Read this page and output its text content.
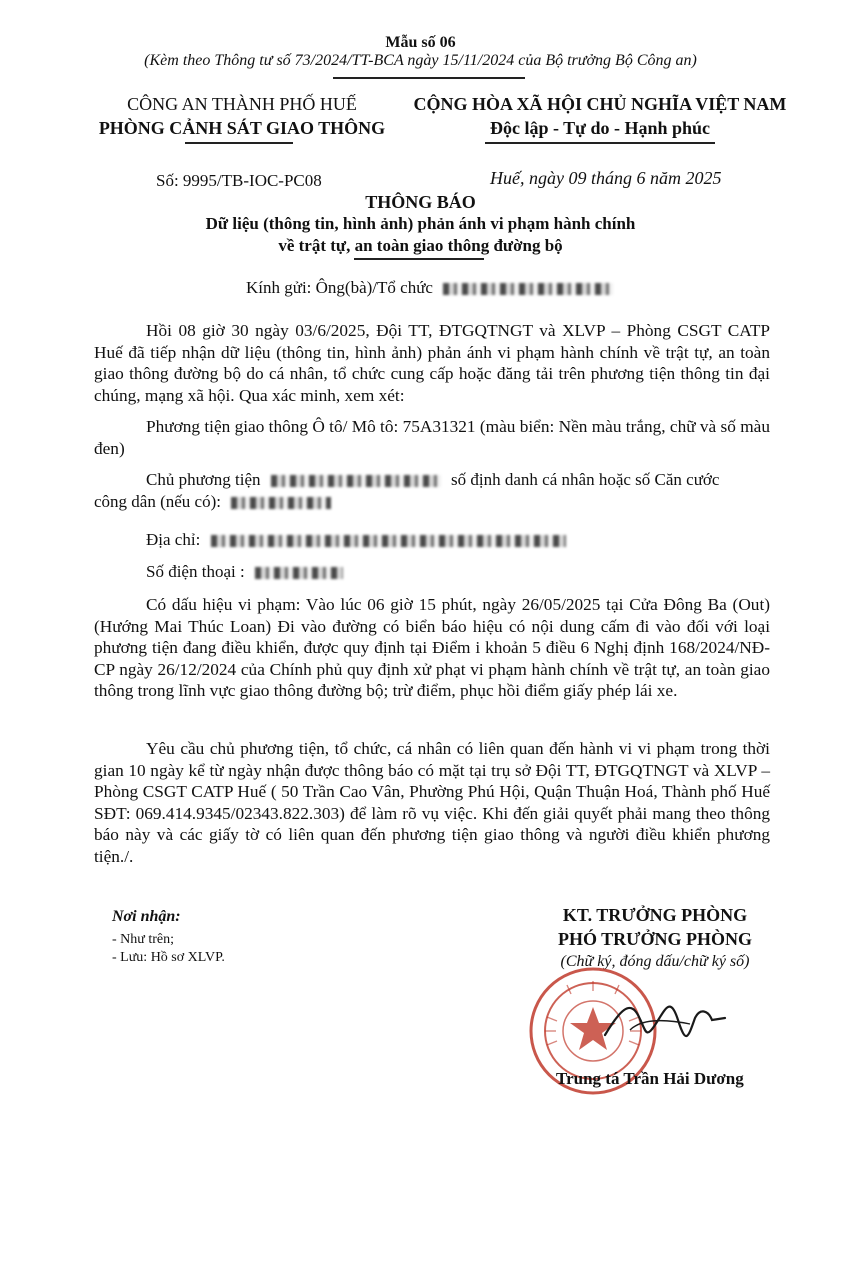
Mẫu số 06
(Kèm theo Thông tư số 73/2024/TT-BCA ngày 15/11/2024 của Bộ trưởng Bộ Công an)
CÔNG AN THÀNH PHỐ HUẾ
PHÒNG CẢNH SÁT GIAO THÔNG
CỘNG HÒA XÃ HỘI CHỦ NGHĨA VIỆT NAM
Độc lập - Tự do - Hạnh phúc
Số: 9995/TB-IOC-PC08	Huế, ngày 09 tháng 6 năm 2025
THÔNG BÁO
Dữ liệu (thông tin, hình ảnh) phản ánh vi phạm hành chính
về trật tự, an toàn giao thông đường bộ
Kính gửi: Ông(bà)/Tổ chức
Hồi 08 giờ 30 ngày 03/6/2025, Đội TT, ĐTGQTNGT và XLVP – Phòng CSGT CATP Huế đã tiếp nhận dữ liệu (thông tin, hình ảnh) phản ánh vi phạm hành chính về trật tự, an toàn giao thông đường bộ do cá nhân, tổ chức cung cấp hoặc đăng tải trên phương tiện thông tin đại chúng, mạng xã hội. Qua xác minh, xem xét:
Phương tiện giao thông Ô tô/ Mô tô: 75A31321 (màu biển: Nền màu trắng, chữ và số màu đen)
Chủ phương tiện	số định danh cá nhân hoặc số Căn cước
công dân (nếu có):
Địa chỉ:
Số điện thoại :
Có dấu hiệu vi phạm: Vào lúc 06 giờ 15 phút, ngày 26/05/2025 tại Cửa Đông Ba (Out) (Hướng Mai Thúc Loan) Đi vào đường có biển báo hiệu có nội dung cấm đi vào đối với loại phương tiện đang điều khiển, được quy định tại Điểm i khoản 5 điều 6 Nghị định 168/2024/NĐ-CP ngày 26/12/2024 của Chính phủ quy định xử phạt vi phạm hành chính về trật tự, an toàn giao thông trong lĩnh vực giao thông đường bộ; trừ điểm, phục hồi điểm giấy phép lái xe.
Yêu cầu chủ phương tiện, tổ chức, cá nhân có liên quan đến hành vi vi phạm trong thời gian 10 ngày kể từ ngày nhận được thông báo có mặt tại trụ sở Đội TT, ĐTGQTNGT và XLVP – Phòng CSGT CATP Huế ( 50 Trần Cao Vân, Phường Phú Hội, Quận Thuận Hoá, Thành phố Huế SĐT: 069.414.9345/02343.822.303) để làm rõ vụ việc. Khi đến giải quyết phải mang theo thông báo này và các giấy tờ có liên quan đến phương tiện giao thông và người điều khiển phương tiện./.
Nơi nhận:
- Như trên;
- Lưu: Hồ sơ XLVP.
KT. TRƯỞNG PHÒNG
PHÓ TRƯỞNG PHÒNG
(Chữ ký, đóng dấu/chữ ký số)
Trung tá Trần Hải Dương
